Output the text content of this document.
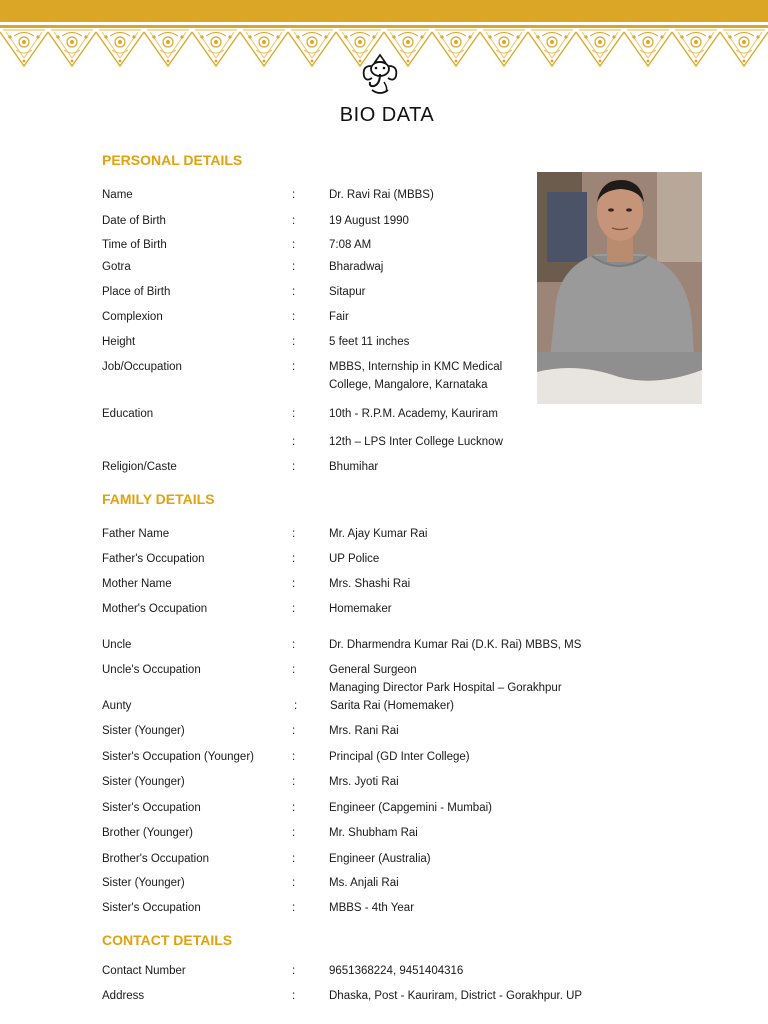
BIO DATA
PERSONAL DETAILS
Name	:	Dr. Ravi Rai (MBBS)
Date of Birth	:	19 August 1990
Time of Birth	:	7:08 AM
Gotra	:	Bharadwaj
Place of Birth	:	Sitapur
Complexion	:	Fair
Height	:	5 feet 11 inches
Job/Occupation	:	MBBS, Internship in KMC Medical
College, Mangalore, Karnataka
Education	:	10th - R.P.M. Academy, Kauriram
:	12th – LPS Inter College Lucknow
Religion/Caste	:	Bhumihar
FAMILY DETAILS
Father Name	:	Mr. Ajay Kumar Rai
Father's Occupation	:	UP Police
Mother Name	:	Mrs. Shashi Rai
Mother's Occupation	:	Homemaker
Uncle	:	Dr. Dharmendra Kumar Rai (D.K. Rai) MBBS, MS
Uncle's Occupation	:	General Surgeon
Managing Director Park Hospital – Gorakhpur
Aunty	:	Sarita Rai (Homemaker)
Sister (Younger)	:	Mrs. Rani Rai
Sister's Occupation (Younger)	:	Principal (GD Inter College)
Sister (Younger)	:	Mrs. Jyoti Rai
Sister's Occupation	:	Engineer (Capgemini - Mumbai)
Brother (Younger)	:	Mr. Shubham Rai
Brother's Occupation	:	Engineer (Australia)
Sister (Younger)	:	Ms. Anjali Rai
Sister's Occupation	:	MBBS - 4th Year
CONTACT DETAILS
Contact Number	:	9651368224, 9451404316
Address	:	Dhaska, Post - Kauriram, District - Gorakhpur. UP
